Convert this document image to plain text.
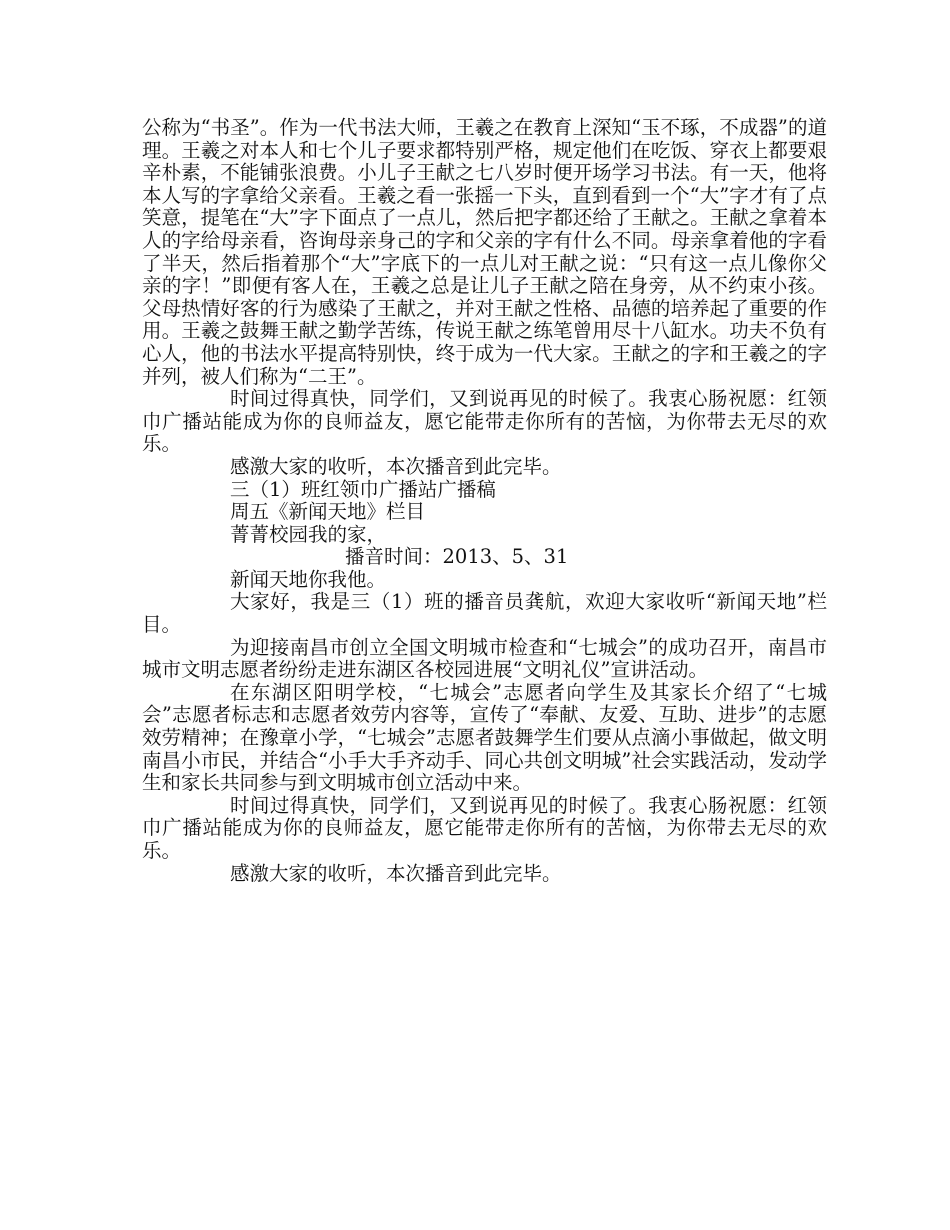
公称为“书圣”。作为一代书法大师，王羲之在教育上深知“玉不琢，不成器”的道理。王羲之对本人和七个儿子要求都特别严格，规定他们在吃饭、穿衣上都要艰辛朴素，不能铺张浪费。小儿子王献之七八岁时便开场学习书法。有一天，他将本人写的字拿给父亲看。王羲之看一张摇一下头，直到看到一个“大”字才有了点笑意，提笔在“大”字下面点了一点儿，然后把字都还给了王献之。王献之拿着本人的字给母亲看，咨询母亲身己的字和父亲的字有什么不同。母亲拿着他的字看了半天，然后指着那个“大”字底下的一点儿对王献之说：“只有这一点儿像你父亲的字！”即便有客人在，王羲之总是让儿子王献之陪在身旁，从不约束小孩。父母热情好客的行为感染了王献之，并对王献之性格、品德的培养起了重要的作用。王羲之鼓舞王献之勤学苦练，传说王献之练笔曾用尽十八缸水。功夫不负有心人，他的书法水平提高特别快，终于成为一代大家。王献之的字和王羲之的字并列，被人们称为“二王”。

时间过得真快，同学们，又到说再见的时候了。我衷心肠祝愿：红领巾广播站能成为你的良师益友，愿它能带走你所有的苦恼，为你带去无尽的欢乐。

感激大家的收听，本次播音到此完毕。

三（1）班红领巾广播站广播稿

周五《新闻天地》栏目

菁菁校园我的家，

播音时间：2013、5、31

新闻天地你我他。

大家好，我是三（1）班的播音员龚航，欢迎大家收听“新闻天地”栏目。

为迎接南昌市创立全国文明城市检查和“七城会”的成功召开，南昌市城市文明志愿者纷纷走进东湖区各校园进展“文明礼仪”宣讲活动。

在东湖区阳明学校，“七城会”志愿者向学生及其家长介绍了“七城会”志愿者标志和志愿者效劳内容等，宣传了“奉献、友爱、互助、进步”的志愿效劳精神；在豫章小学，“七城会”志愿者鼓舞学生们要从点滴小事做起，做文明南昌小市民，并结合“小手大手齐动手、同心共创文明城”社会实践活动，发动学生和家长共同参与到文明城市创立活动中来。

时间过得真快，同学们，又到说再见的时候了。我衷心肠祝愿：红领巾广播站能成为你的良师益友，愿它能带走你所有的苦恼，为你带去无尽的欢乐。

感激大家的收听，本次播音到此完毕。
